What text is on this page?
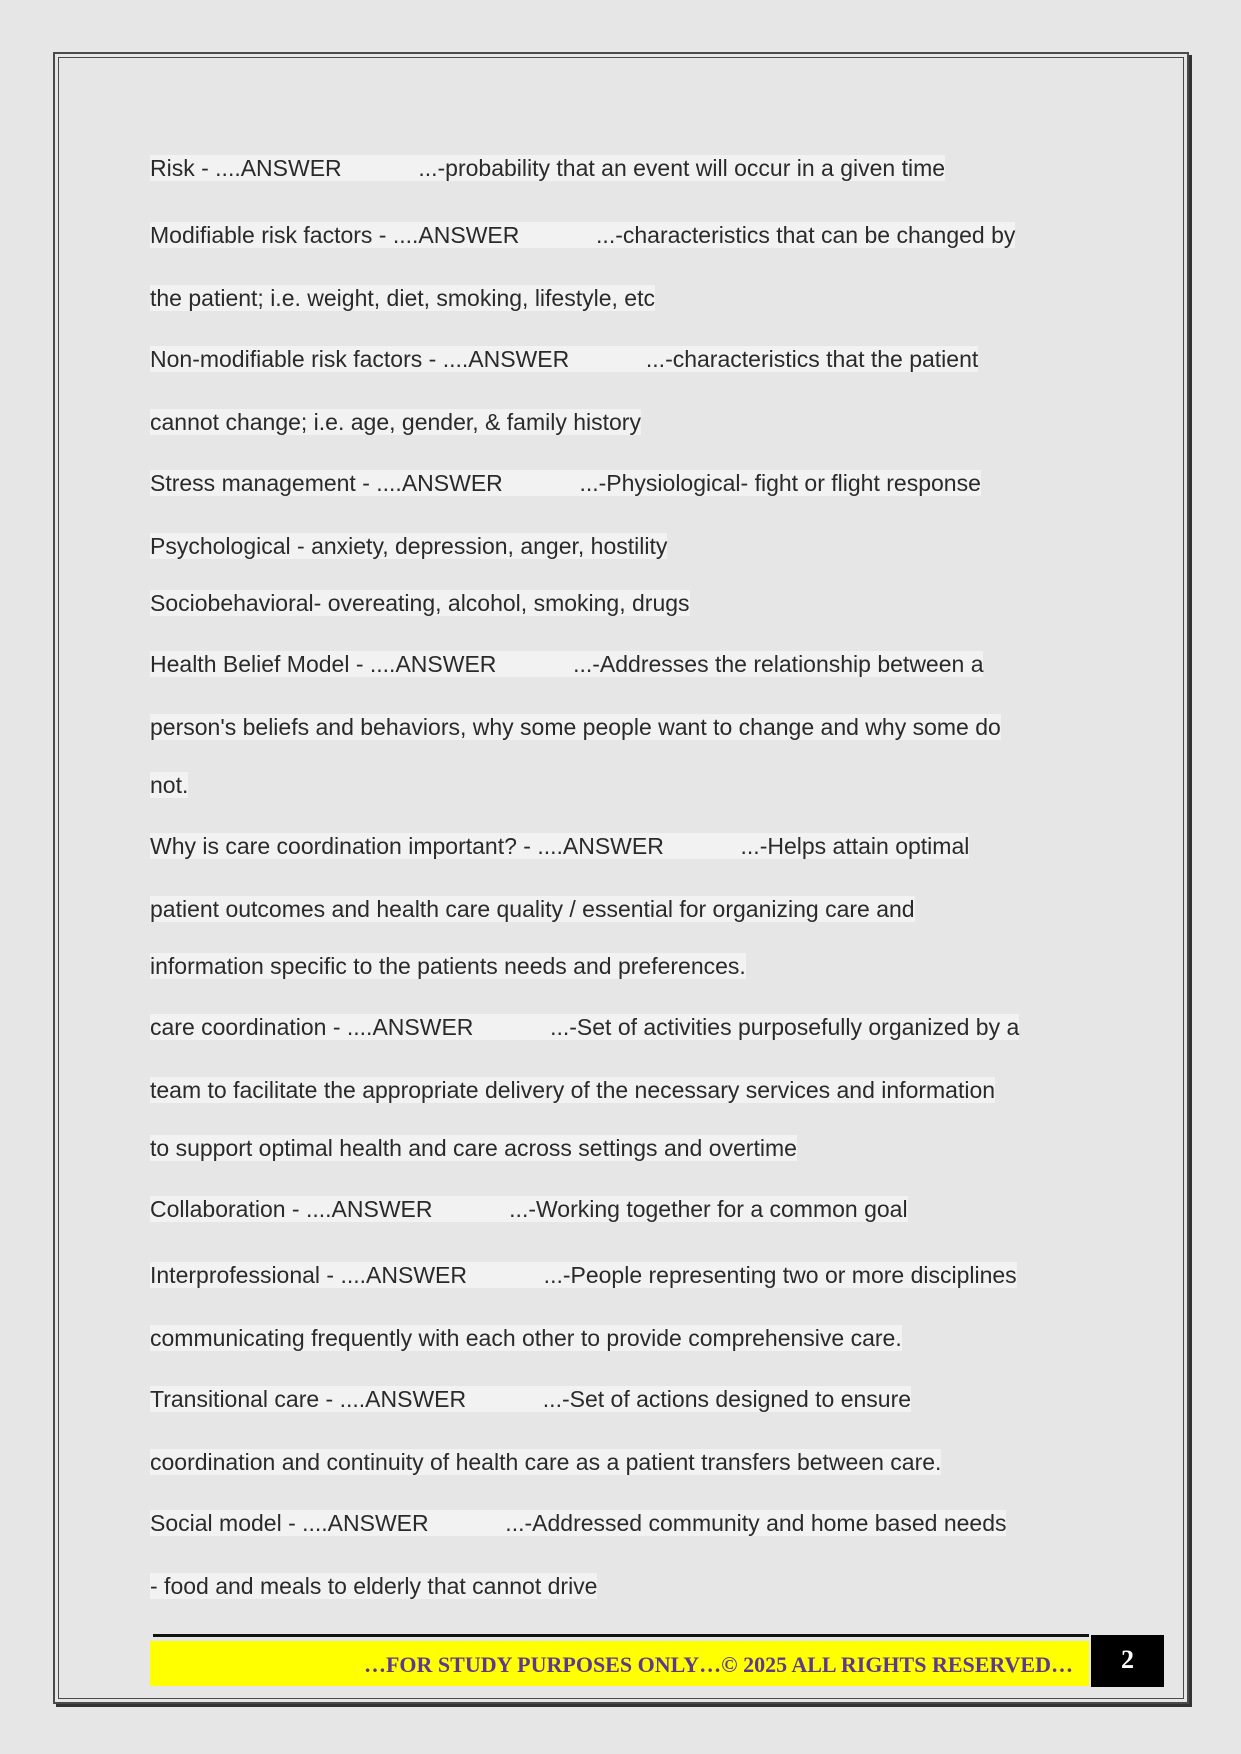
Risk - ....ANSWER            ...-probability that an event will occur in a given time
Modifiable risk factors - ....ANSWER            ...-characteristics that can be changed by
the patient; i.e. weight, diet, smoking, lifestyle, etc
Non-modifiable risk factors - ....ANSWER            ...-characteristics that the patient
cannot change; i.e. age, gender, & family history
Stress management - ....ANSWER            ...-Physiological- fight or flight response
Psychological - anxiety, depression, anger, hostility
Sociobehavioral- overeating, alcohol, smoking, drugs
Health Belief Model - ....ANSWER            ...-Addresses the relationship between a
person's beliefs and behaviors, why some people want to change and why some do
not.
Why is care coordination important? - ....ANSWER            ...-Helps attain optimal
patient outcomes and health care quality / essential for organizing care and
information specific to the patients needs and preferences.
care coordination - ....ANSWER            ...-Set of activities purposefully organized by a
team to facilitate the appropriate delivery of the necessary services and information
to support optimal health and care across settings and overtime
Collaboration - ....ANSWER            ...-Working together for a common goal
Interprofessional - ....ANSWER            ...-People representing two or more disciplines
communicating frequently with each other to provide comprehensive care.
Transitional care - ....ANSWER            ...-Set of actions designed to ensure
coordination and continuity of health care as a patient transfers between care.
Social model - ....ANSWER            ...-Addressed community and home based needs
- food and meals to elderly that cannot drive
…FOR STUDY PURPOSES ONLY…© 2025 ALL RIGHTS RESERVED…	2
